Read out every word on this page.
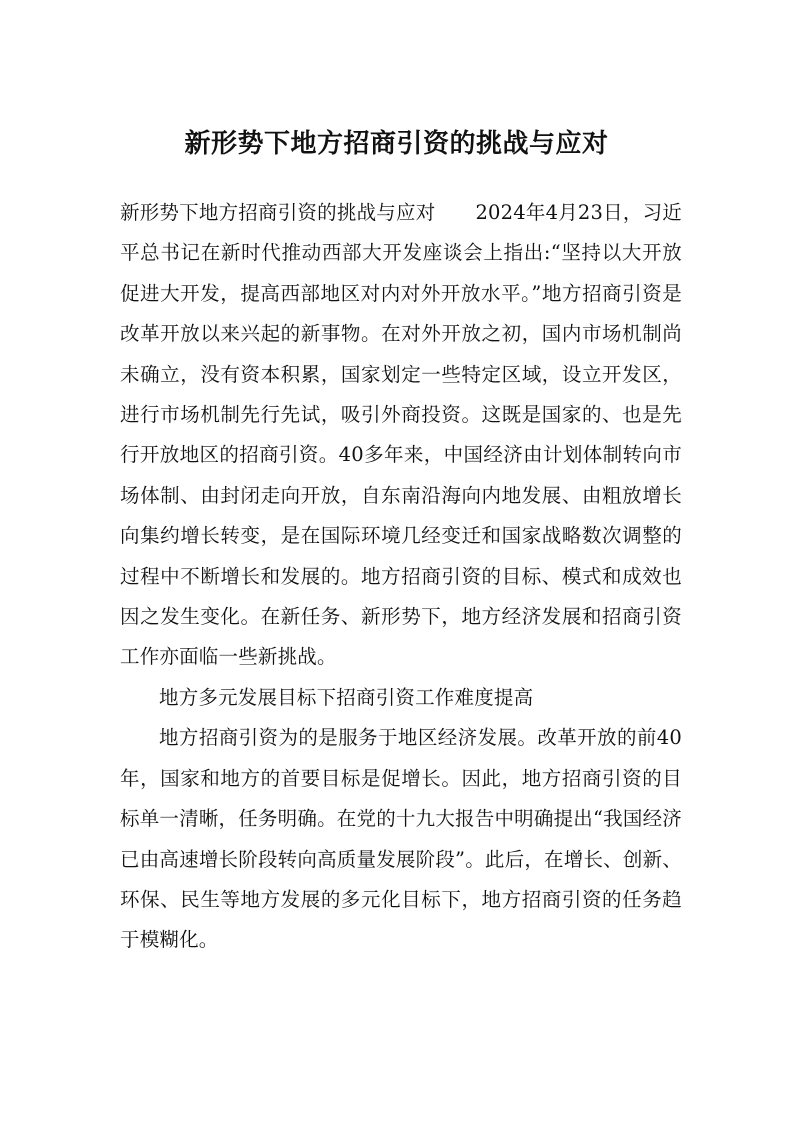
新形势下地方招商引资的挑战与应对

新形势下地方招商引资的挑战与应对 2024年4月23日，习近平总书记在新时代推动西部大开发座谈会上指出:“坚持以大开放促进大开发，提高西部地区对内对外开放水平。”地方招商引资是改革开放以来兴起的新事物。在对外开放之初，国内市场机制尚未确立，没有资本积累，国家划定一些特定区域，设立开发区，进行市场机制先行先试，吸引外商投资。这既是国家的、也是先行开放地区的招商引资。40多年来，中国经济由计划体制转向市场体制、由封闭走向开放，自东南沿海向内地发展、由粗放增长向集约增长转变，是在国际环境几经变迁和国家战略数次调整的过程中不断增长和发展的。地方招商引资的目标、模式和成效也因之发生变化。在新任务、新形势下，地方经济发展和招商引资工作亦面临一些新挑战。

地方多元发展目标下招商引资工作难度提高

地方招商引资为的是服务于地区经济发展。改革开放的前40年，国家和地方的首要目标是促增长。因此，地方招商引资的目标单一清晰，任务明确。在党的十九大报告中明确提出“我国经济已由高速增长阶段转向高质量发展阶段”。此后，在增长、创新、环保、民生等地方发展的多元化目标下，地方招商引资的任务趋于模糊化。
